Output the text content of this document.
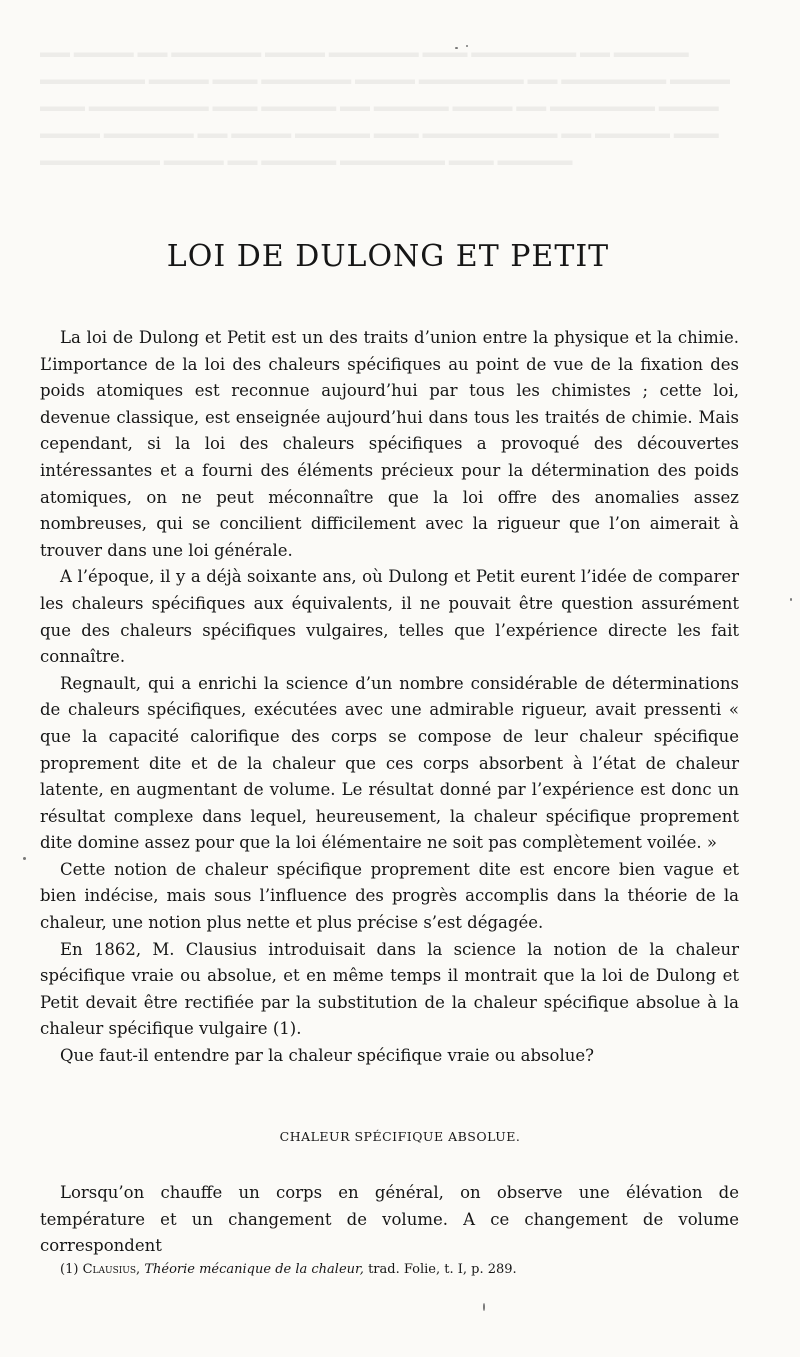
▬▬ ▬▬▬▬ ▬▬ ▬▬▬▬▬▬ ▬▬▬▬ ▬▬▬▬▬▬ ▬▬▬ ▬▬▬▬▬▬▬ ▬▬ ▬▬▬▬▬ ▬▬▬▬▬▬▬ ▬▬▬▬ ▬▬▬ ▬▬▬▬▬▬ ▬▬▬▬ ▬▬▬▬▬▬▬ ▬▬ ▬▬▬▬▬▬▬ ▬▬▬▬ ▬▬▬ ▬▬▬▬▬▬▬▬ ▬▬▬ ▬▬▬▬▬ ▬▬ ▬▬▬▬▬ ▬▬▬▬ ▬▬ ▬▬▬▬▬▬▬ ▬▬▬▬ ▬▬▬▬ ▬▬▬▬▬▬ ▬▬ ▬▬▬▬ ▬▬▬▬▬ ▬▬▬ ▬▬▬▬▬▬▬▬▬ ▬▬ ▬▬▬▬▬ ▬▬▬ ▬▬▬▬▬▬▬▬ ▬▬▬▬ ▬▬ ▬▬▬▬▬ ▬▬▬▬▬▬▬ ▬▬▬ ▬▬▬▬▬
LOI DE DULONG ET PETIT

La loi de Dulong et Petit est un des traits d’union entre la physique et la chimie. L’importance de la loi des chaleurs spécifiques au point de vue de la fixation des poids atomiques est reconnue aujourd’hui par tous les chimistes ; cette loi, devenue classique, est enseignée aujourd’hui dans tous les traités de chimie. Mais cependant, si la loi des chaleurs spécifiques a provoqué des découvertes intéressantes et a fourni des éléments précieux pour la détermination des poids atomiques, on ne peut méconnaître que la loi offre des anomalies assez nombreuses, qui se concilient difficilement avec la rigueur que l’on aimerait à trouver dans une loi générale.

A l’époque, il y a déjà soixante ans, où Dulong et Petit eurent l’idée de comparer les chaleurs spécifiques aux équivalents, il ne pouvait être question assurément que des chaleurs spécifiques vulgaires, telles que l’expérience directe les fait connaître.

Regnault, qui a enrichi la science d’un nombre considérable de déterminations de chaleurs spécifiques, exécutées avec une admirable rigueur, avait pressenti « que la capacité calorifique des corps se compose de leur chaleur spécifique proprement dite et de la chaleur que ces corps absorbent à l’état de chaleur latente, en augmentant de volume. Le résultat donné par l’expérience est donc un résultat complexe dans lequel, heureusement, la chaleur spécifique proprement dite domine assez pour que la loi élémentaire ne soit pas complètement voilée. »

Cette notion de chaleur spécifique proprement dite est encore bien vague et bien indécise, mais sous l’influence des progrès accomplis dans la théorie de la chaleur, une notion plus nette et plus précise s’est dégagée.

En 1862, M. Clausius introduisait dans la science la notion de la chaleur spécifique vraie ou absolue, et en même temps il montrait que la loi de Dulong et Petit devait être rectifiée par la substitution de la chaleur spécifique absolue à la chaleur spécifique vulgaire (1).

Que faut-il entendre par la chaleur spécifique vraie ou absolue?

CHALEUR SPÉCIFIQUE ABSOLUE.

Lorsqu’on chauffe un corps en général, on observe une élévation de température et un changement de volume. A ce changement de volume correspondent

(1) Clausius, Théorie mécanique de la chaleur, trad. Folie, t. I, p. 289.
